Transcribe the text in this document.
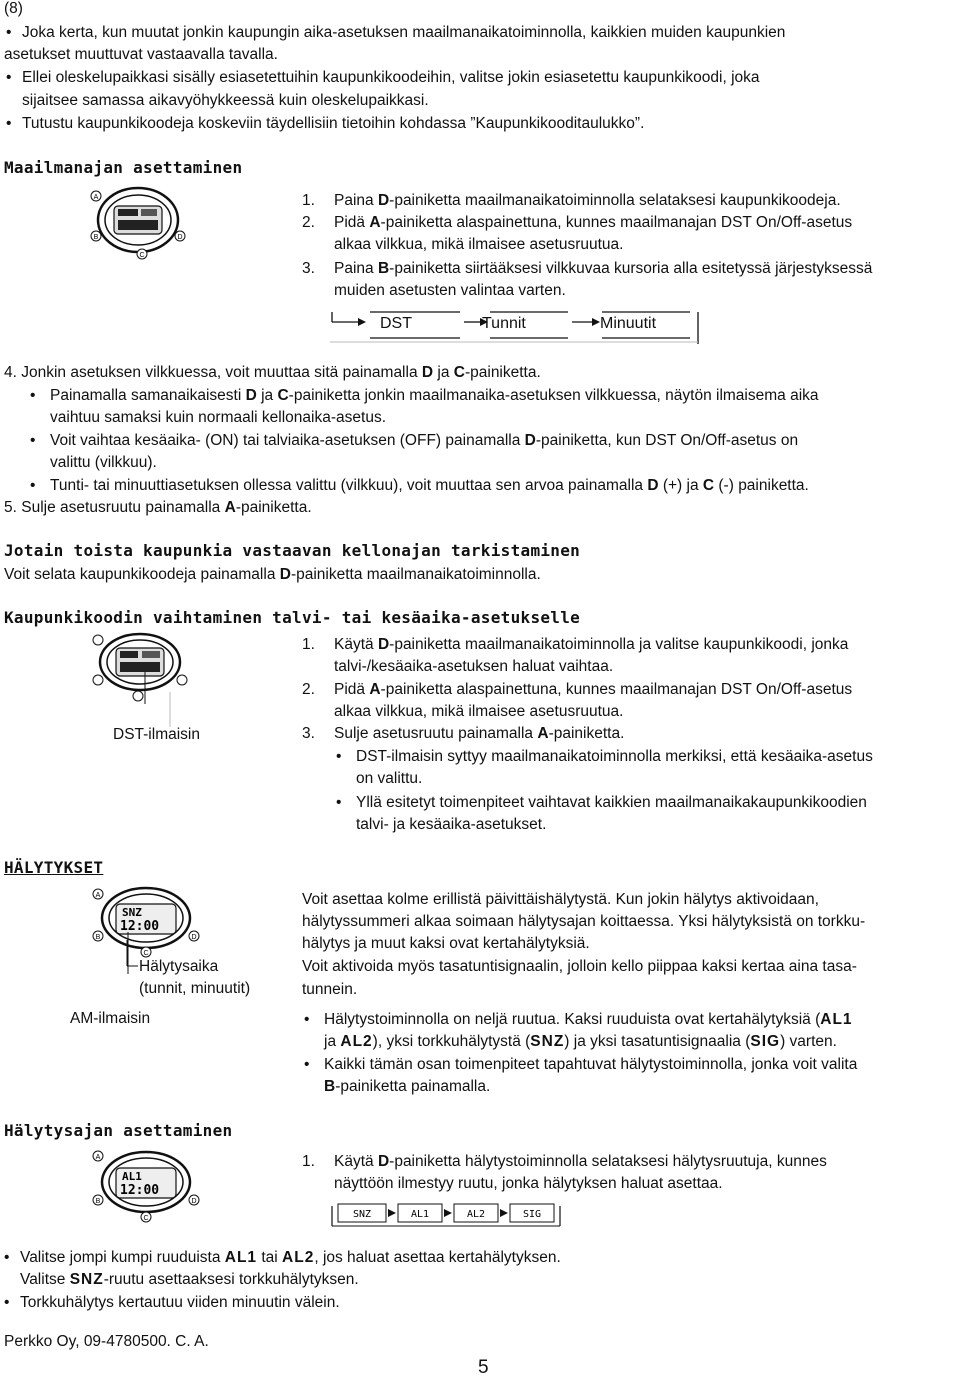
(8)
• Joka kerta, kun muutat jonkin kaupungin aika-asetuksen maailmanaikatoiminnolla, kaikkien muiden kaupunkien
asetukset muuttuvat vastaavalla tavalla.
• Ellei oleskelupaikkasi sisälly esiasetettuihin kaupunkikoodeihin, valitse jokin esiasetettu kaupunkikoodi, joka
sijaitsee samassa aikavyöhykkeessä kuin oleskelupaikkasi.
• Tutustu kaupunkikoodeja koskeviin täydellisiin tietoihin kohdassa ”Kaupunkikooditaulukko”.
Maailmanajan asettaminen
A
B
C
D
1. Paina D-painiketta maailmanaikatoiminnolla selataksesi kaupunkikoodeja.
2. Pidä A-painiketta alaspainettuna, kunnes maailmanajan DST On/Off-asetus
alkaa vilkkua, mikä ilmaisee asetusruutua.
3. Paina B-painiketta siirtääksesi vilkkuvaa kursoria alla esitetyssä järjestyksessä
muiden asetusten valintaa varten.
DST	Tunnit	Minuutit
4. Jonkin asetuksen vilkkuessa, voit muuttaa sitä painamalla D ja C-painiketta.
• Painamalla samanaikaisesti D ja C-painiketta jonkin maailmanaika-asetuksen vilkkuessa, näytön ilmaisema aika
vaihtuu samaksi kuin normaali kellonaika-asetus.
• Voit vaihtaa kesäaika- (ON) tai talviaika-asetuksen (OFF) painamalla D-painiketta, kun DST On/Off-asetus on
valittu (vilkkuu).
• Tunti- tai minuuttiasetuksen ollessa valittu (vilkkuu), voit muuttaa sen arvoa painamalla D (+) ja C (-) painiketta.
5. Sulje asetusruutu painamalla A-painiketta.
Jotain toista kaupunkia vastaavan kellonajan tarkistaminen
Voit selata kaupunkikoodeja painamalla D-painiketta maailmanaikatoiminnolla.
Kaupunkikoodin vaihtaminen talvi- tai kesäaika-asetukselle
DST-ilmaisin
1. Käytä D-painiketta maailmanaikatoiminnolla ja valitse kaupunkikoodi, jonka
talvi-/kesäaika-asetuksen haluat vaihtaa.
2. Pidä A-painiketta alaspainettuna, kunnes maailmanajan DST On/Off-asetus
alkaa vilkkua, mikä ilmaisee asetusruutua.
3. Sulje asetusruutu painamalla A-painiketta.
• DST-ilmaisin syttyy maailmanaikatoiminnolla merkiksi, että kesäaika-asetus
on valittu.
• Yllä esitetyt toimenpiteet vaihtavat kaikkien maailmanaikakaupunkikoodien
talvi- ja kesäaika-asetukset.
HÄLYTYKSET
SNZ
12:00
A
B
C
D
Hälytysaika
(tunnit, minuutit)
AM-ilmaisin
Voit asettaa kolme erillistä päivittäishälytystä. Kun jokin hälytys aktivoidaan,
hälytyssummeri alkaa soimaan hälytysajan koittaessa. Yksi hälytyksistä on torkku-
hälytys ja muut kaksi ovat kertahälytyksiä.
Voit aktivoida myös tasatuntisignaalin, jolloin kello piippaa kaksi kertaa aina tasa-
tunnein.
• Hälytystoiminnolla on neljä ruutua. Kaksi ruuduista ovat kertahälytyksiä (AL1
ja AL2), yksi torkkuhälytystä (SNZ) ja yksi tasatuntisignaalia (SIG) varten.
• Kaikki tämän osan toimenpiteet tapahtuvat hälytystoiminnolla, jonka voit valita
B-painiketta painamalla.
Hälytysajan asettaminen
AL1
12:00
A
B
C
D
1. Käytä D-painiketta hälytystoiminnolla selataksesi hälytysruutuja, kunnes
näyttöön ilmestyy ruutu, jonka hälytyksen haluat asettaa.
SNZ	AL1	AL2	SIG
• Valitse jompi kumpi ruuduista AL1 tai AL2, jos haluat asettaa kertahälytyksen.
Valitse SNZ-ruutu asettaaksesi torkkuhälytyksen.
• Torkkuhälytys kertautuu viiden minuutin välein.
Perkko Oy, 09-4780500. C. A.
5
